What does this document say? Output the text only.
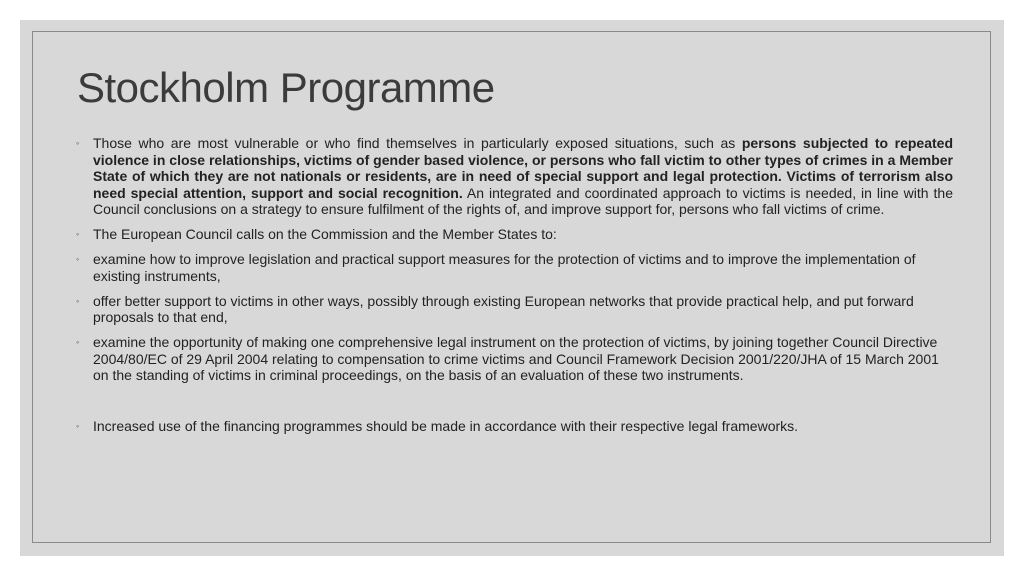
Stockholm Programme
◦ Those who are most vulnerable or who find themselves in particularly exposed situations, such as persons subjected to repeated violence in close relationships, victims of gender based violence, or persons who fall victim to other types of crimes in a Member State of which they are not nationals or residents, are in need of special support and legal protection. Victims of terrorism also need special attention, support and social recognition. An integrated and coordinated approach to victims is needed, in line with the Council conclusions on a strategy to ensure fulfilment of the rights of, and improve support for, persons who fall victims of crime.
◦ The European Council calls on the Commission and the Member States to:
◦ examine how to improve legislation and practical support measures for the protection of victims and to improve the implementation of existing instruments,
◦ offer better support to victims in other ways, possibly through existing European networks that provide practical help, and put forward proposals to that end,
◦ examine the opportunity of making one comprehensive legal instrument on the protection of victims, by joining together Council Directive 2004/80/EC of 29 April 2004 relating to compensation to crime victims and Council Framework Decision 2001/220/JHA of 15 March 2001 on the standing of victims in criminal proceedings, on the basis of an evaluation of these two instruments.
◦ Increased use of the financing programmes should be made in accordance with their respective legal frameworks.
